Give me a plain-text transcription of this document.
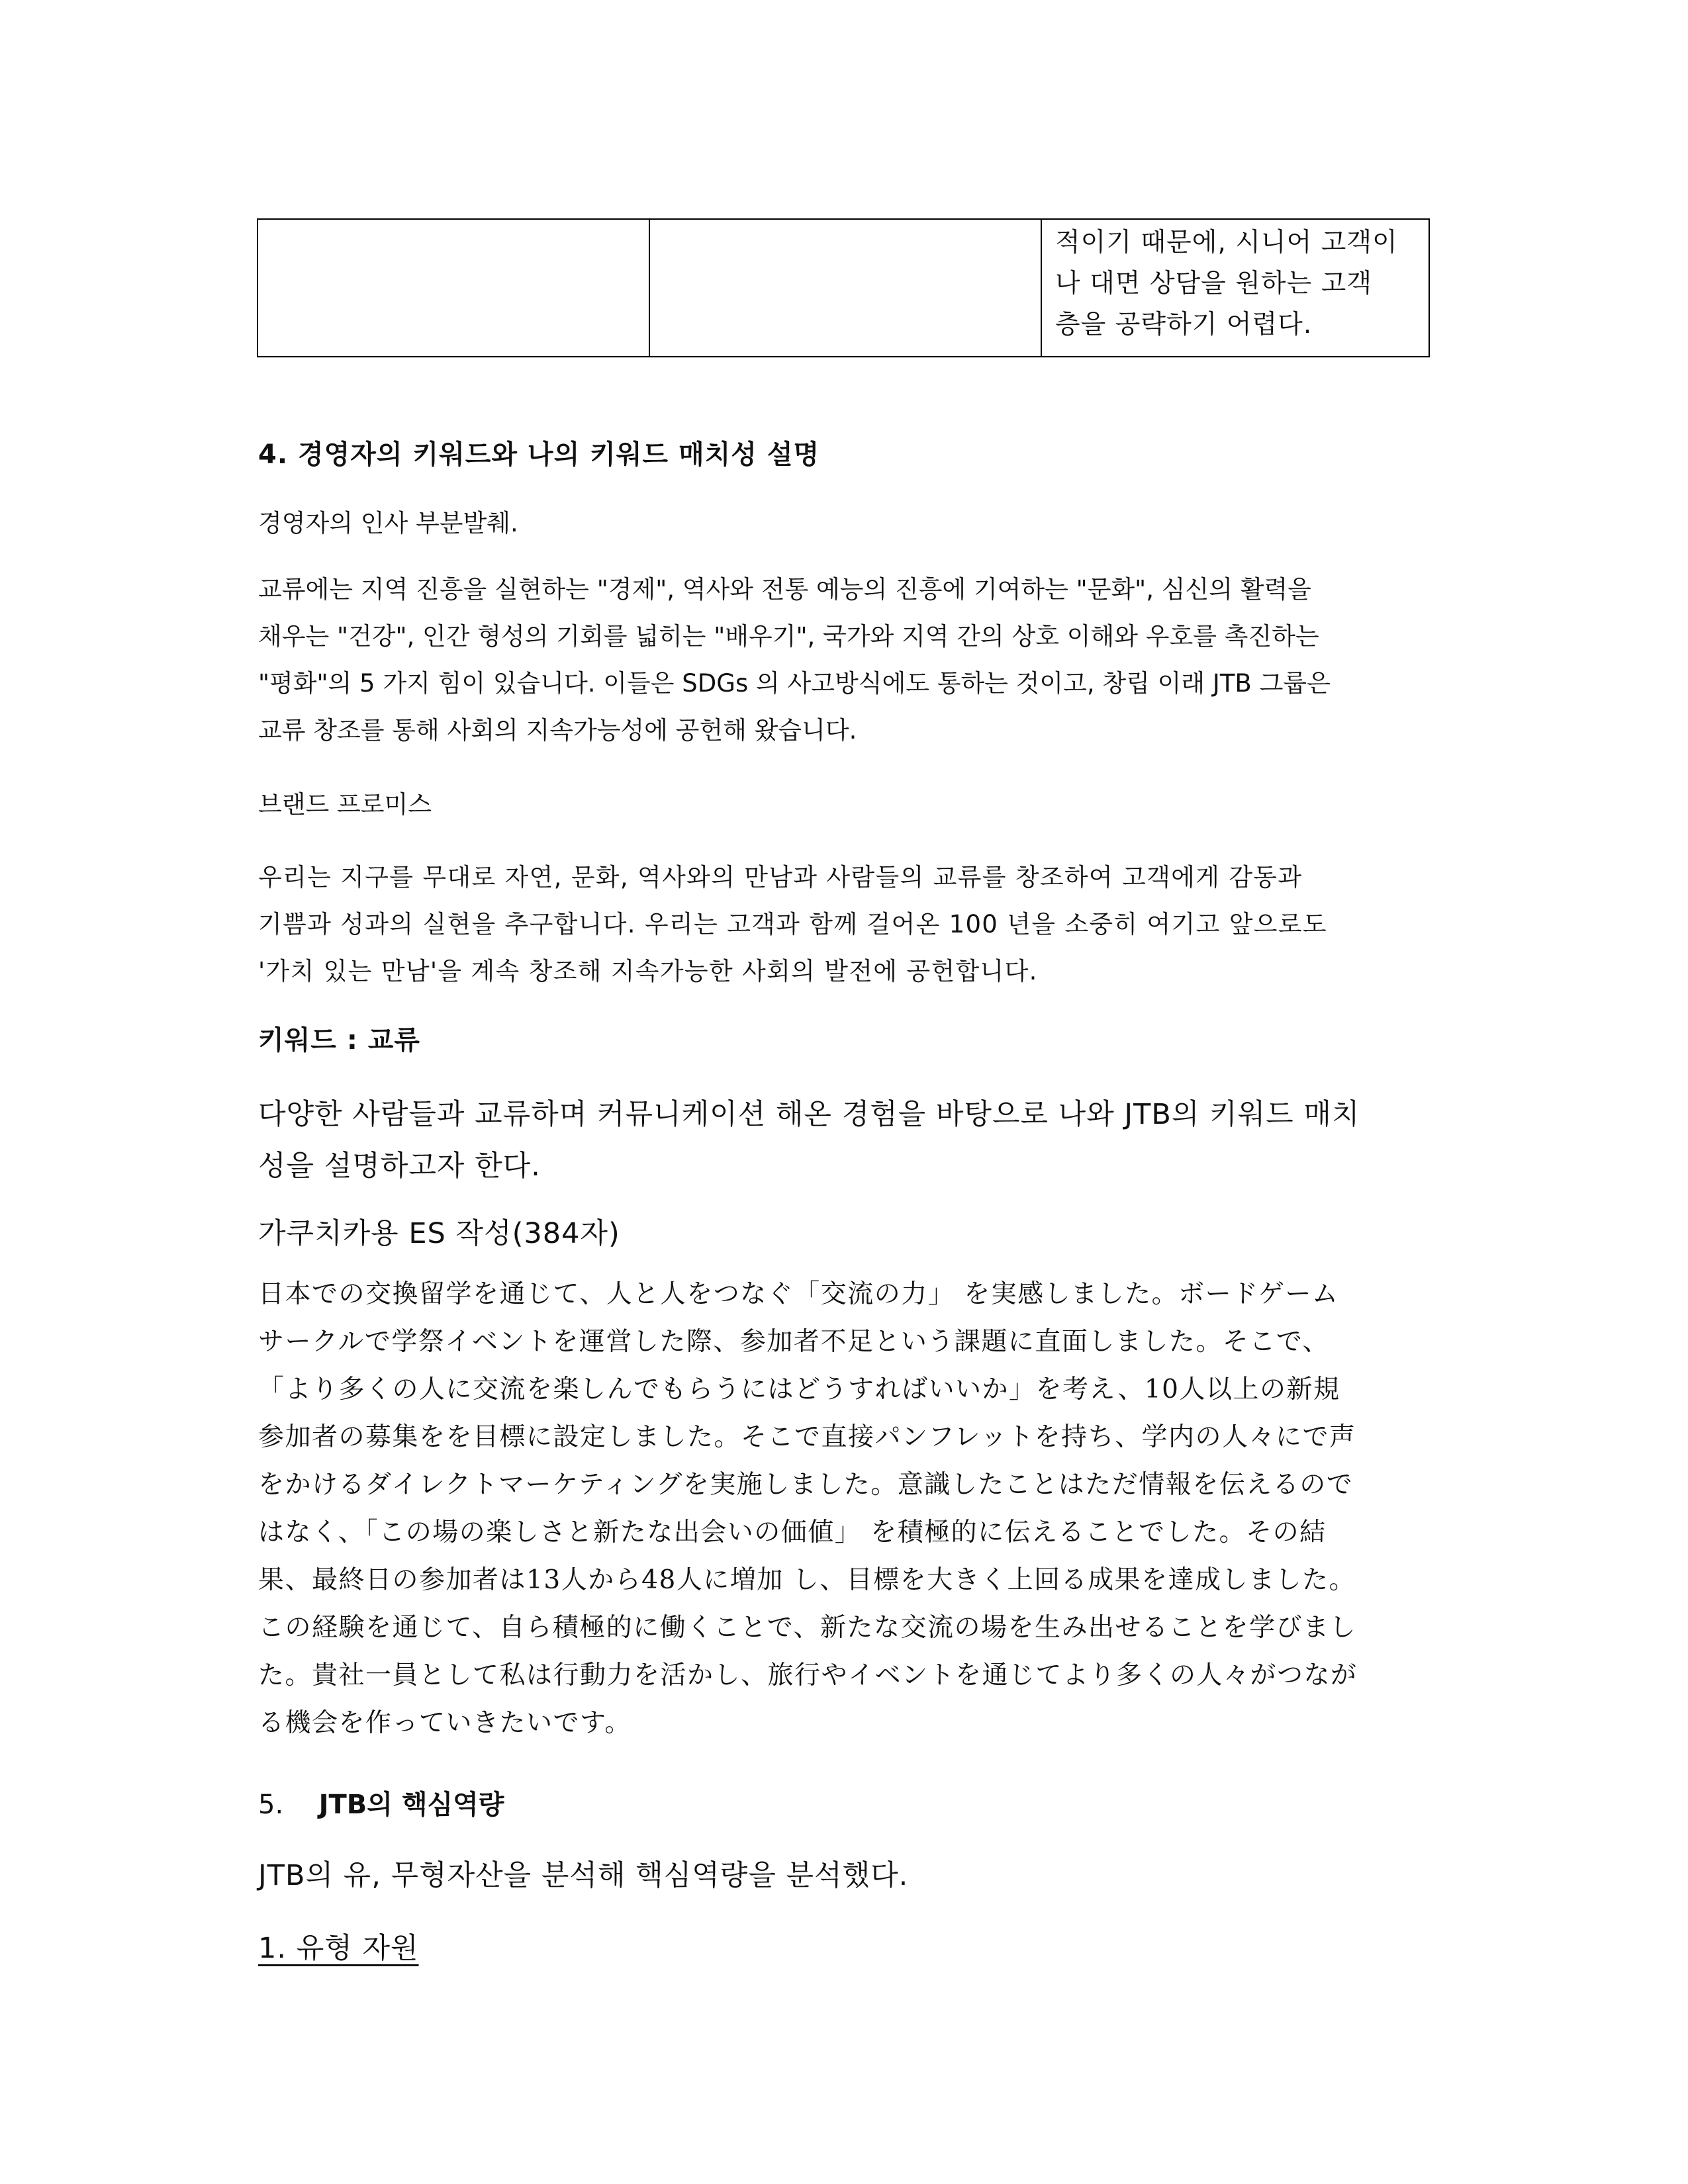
적이기 때문에, 시니어 고객이
나 대면 상담을 원하는 고객
층을 공략하기 어렵다.
4. 경영자의 키워드와 나의 키워드 매치성 설명
경영자의 인사 부분발췌.
교류에는 지역 진흥을 실현하는 "경제", 역사와 전통 예능의 진흥에 기여하는 "문화", 심신의 활력을
채우는 "건강", 인간 형성의 기회를 넓히는 "배우기", 국가와 지역 간의 상호 이해와 우호를 촉진하는
"평화"의 5 가지 힘이 있습니다. 이들은 SDGs 의 사고방식에도 통하는 것이고, 창립 이래 JTB 그룹은
교류 창조를 통해 사회의 지속가능성에 공헌해 왔습니다.
브랜드 프로미스
우리는 지구를 무대로 자연, 문화, 역사와의 만남과 사람들의 교류를 창조하여 고객에게 감동과
기쁨과 성과의 실현을 추구합니다. 우리는 고객과 함께 걸어온 100 년을 소중히 여기고 앞으로도
'가치 있는 만남'을 계속 창조해 지속가능한 사회의 발전에 공헌합니다.
키워드 : 교류
다양한 사람들과 교류하며 커뮤니케이션 해온 경험을 바탕으로 나와 JTB의 키워드 매치
성을 설명하고자 한다.
가쿠치카용 ES 작성(384자)
日本での交換留学を通じて、人と人をつなぐ「交流の力」 を実感しました。ボードゲーム
サークルで学祭イベントを運営した際、参加者不足という課題に直面しました。そこで、
「より多くの人に交流を楽しんでもらうにはどうすればいいか」を考え、10人以上の新規
参加者の募集をを目標に設定しました。そこで直接パンフレットを持ち、学内の人々にで声
をかけるダイレクトマーケティングを実施しました。意識したことはただ情報を伝えるので
はなく、「この場の楽しさと新たな出会いの価値」 を積極的に伝えることでした。その結
果、最終日の参加者は13人から48人に増加 し、目標を大きく上回る成果を達成しました。
この経験を通じて、自ら積極的に働くことで、新たな交流の場を生み出せることを学びまし
た。貴社一員として私は行動力を活かし、旅行やイベントを通じてより多くの人々がつなが
る機会を作っていきたいです。
5. JTB의 핵심역량
JTB의 유, 무형자산을 분석해 핵심역량을 분석했다.
1. 유형 자원
